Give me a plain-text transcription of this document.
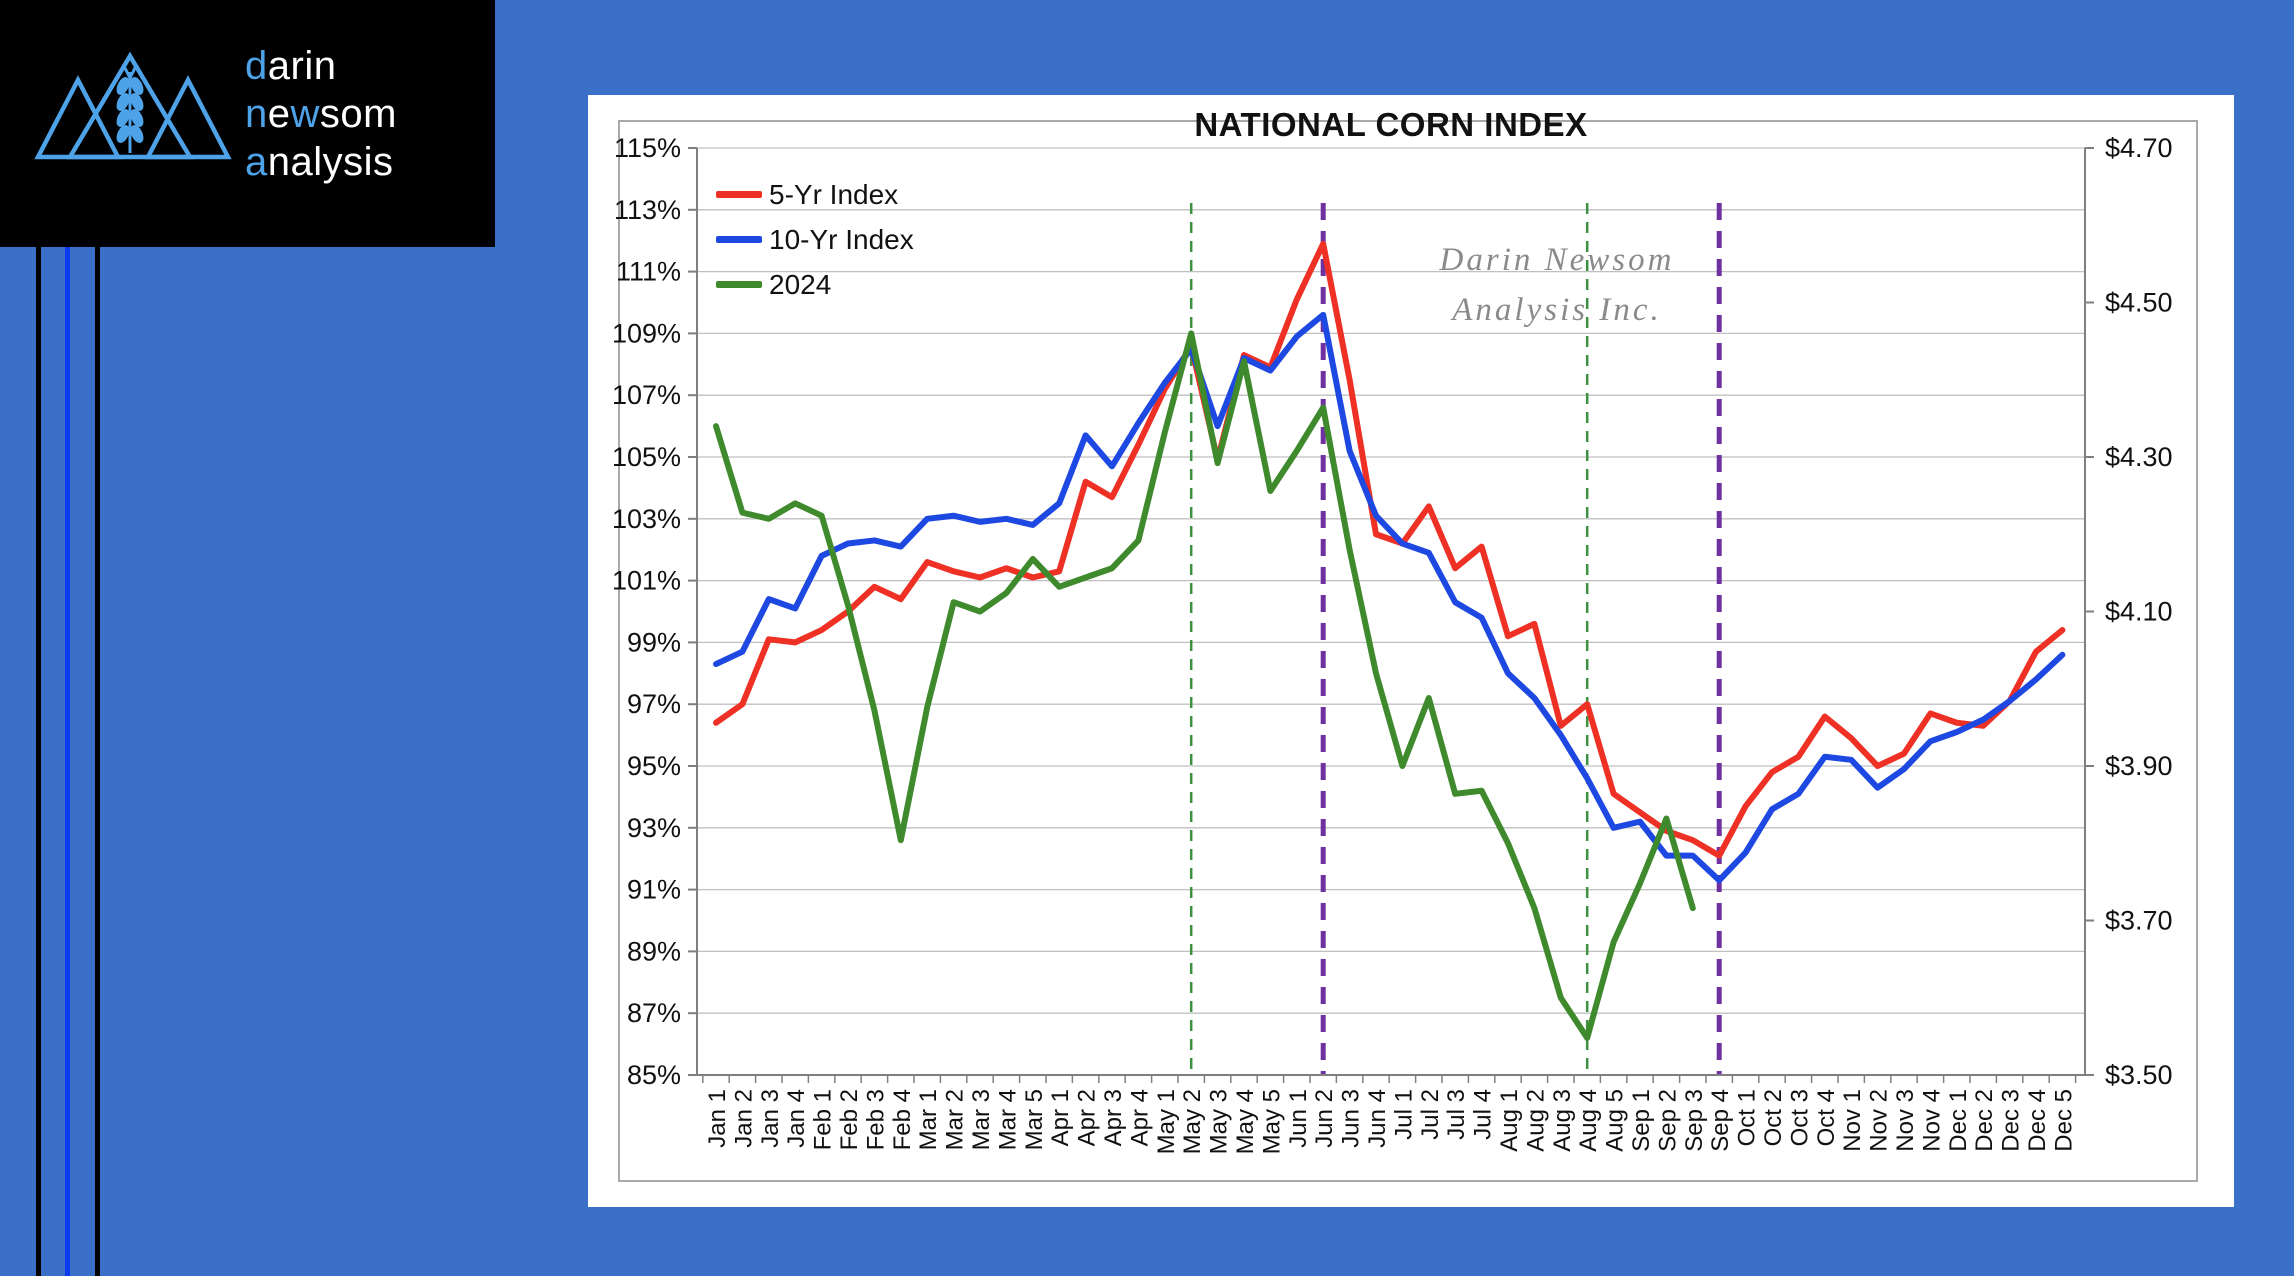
darin
newsom
analysis	115%
113%
111%
109%
107%
105%
103%
101%
99%
97%
95%
93%
91%
89%
87%
85%
$4.70
$4.50
$4.30
$4.10
$3.90
$3.70
$3.50
Jan 1 Jan 2 Jan 3 Jan 4 Feb 1 Feb 2 Feb 3 Feb 4 Mar 1 Mar 2 Mar 3 Mar 4 Mar 5 Apr 1 Apr 2 Apr 3 Apr 4 May 1 May 2 May 3 May 4 May 5 Jun 1 Jun 2 Jun 3 Jun 4 Jul 1 Jul 2 Jul 3 Jul 4 Aug 1 Aug 2 Aug 3 Aug 4 Aug 5 Sep 1 Sep 2 Sep 3 Sep 4 Oct 1 Oct 2 Oct 3 Oct 4 Nov 1 Nov 2 Nov 3 Nov 4 Dec 1 Dec 2 Dec 3 Dec 4 Dec 5
NATIONAL CORN INDEX
Darin Newsom
Analysis Inc.
5-Yr Index
10-Yr Index
2024
